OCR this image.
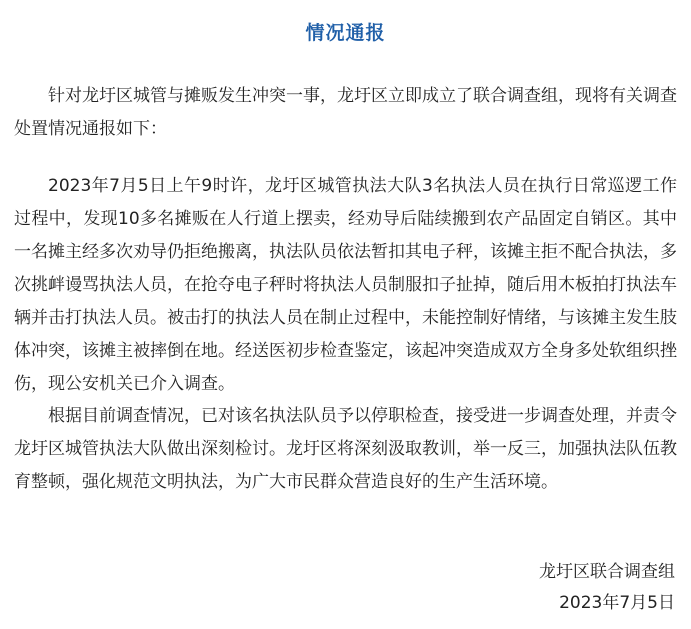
情况通报

针对龙圩区城管与摊贩发生冲突一事，龙圩区立即成立了联合调查组，现将有关调查处置情况通报如下：

2023年7月5日上午9时许，龙圩区城管执法大队3名执法人员在执行日常巡逻工作过程中，发现10多名摊贩在人行道上摆卖，经劝导后陆续搬到农产品固定自销区。其中一名摊主经多次劝导仍拒绝搬离，执法队员依法暂扣其电子秤，该摊主拒不配合执法，多次挑衅谩骂执法人员，在抢夺电子秤时将执法人员制服扣子扯掉，随后用木板拍打执法车辆并击打执法人员。被击打的执法人员在制止过程中，未能控制好情绪，与该摊主发生肢体冲突，该摊主被摔倒在地。经送医初步检查鉴定，该起冲突造成双方全身多处软组织挫伤，现公安机关已介入调查。

根据目前调查情况，已对该名执法队员予以停职检查，接受进一步调查处理，并责令龙圩区城管执法大队做出深刻检讨。龙圩区将深刻汲取教训，举一反三，加强执法队伍教育整顿，强化规范文明执法，为广大市民群众营造良好的生产生活环境。

龙圩区联合调查组
2023年7月5日
